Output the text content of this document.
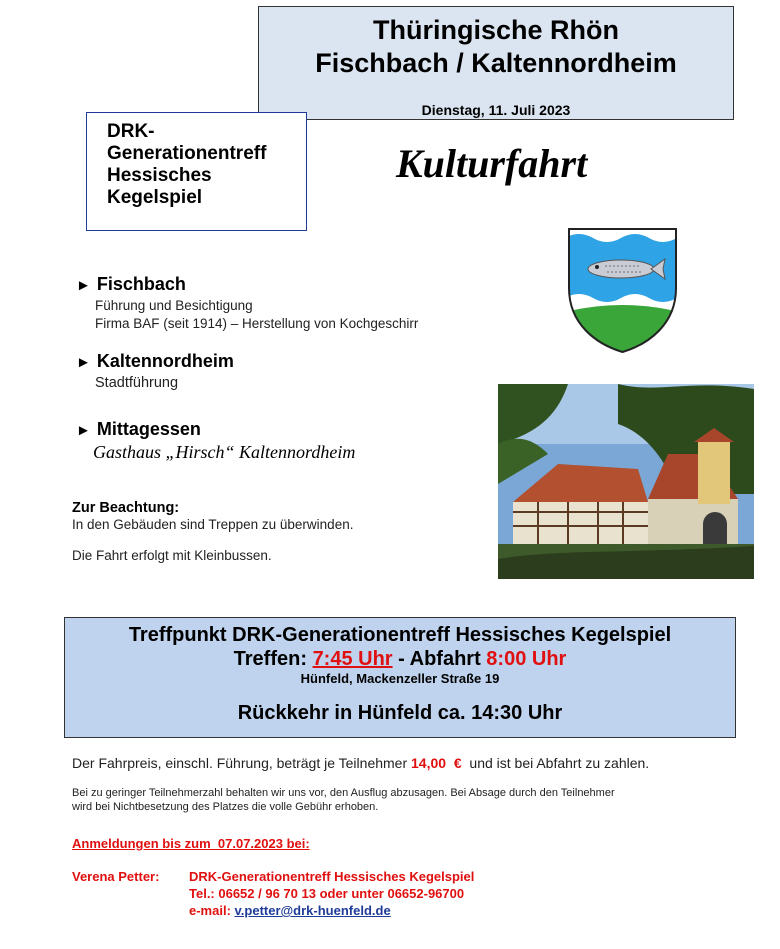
Thüringische Rhön
Fischbach / Kaltennordheim
Dienstag, 11. Juli 2023
DRK-
Generationentreff
Hessisches
Kegelspiel
Kulturfahrt
► Fischbach
Führung und Besichtigung
Firma BAF (seit 1914) – Herstellung von Kochgeschirr
► Kaltennordheim
Stadtführung
► Mittagessen
Gasthaus „Hirsch“ Kaltennordheim
Zur Beachtung:
In den Gebäuden sind Treppen zu überwinden.
Die Fahrt erfolgt mit Kleinbussen.
Treffpunkt DRK-Generationentreff Hessisches Kegelspiel
Treffen: 7:45 Uhr - Abfahrt 8:00 Uhr
Hünfeld, Mackenzeller Straße 19
Rückkehr in Hünfeld ca. 14:30 Uhr
Der Fahrpreis, einschl. Führung, beträgt je Teilnehmer 14,00  €  und ist bei Abfahrt zu zahlen.
Bei zu geringer Teilnehmerzahl behalten wir uns vor, den Ausflug abzusagen. Bei Absage durch den Teilnehmer
wird bei Nichtbesetzung des Platzes die volle Gebühr erhoben.
Anmeldungen bis zum  07.07.2023 bei:
Verena Petter: DRK-Generationentreff Hessisches Kegelspiel
Tel.: 06652 / 96 70 13 oder unter 06652-96700
e-mail: v.petter@drk-huenfeld.de
